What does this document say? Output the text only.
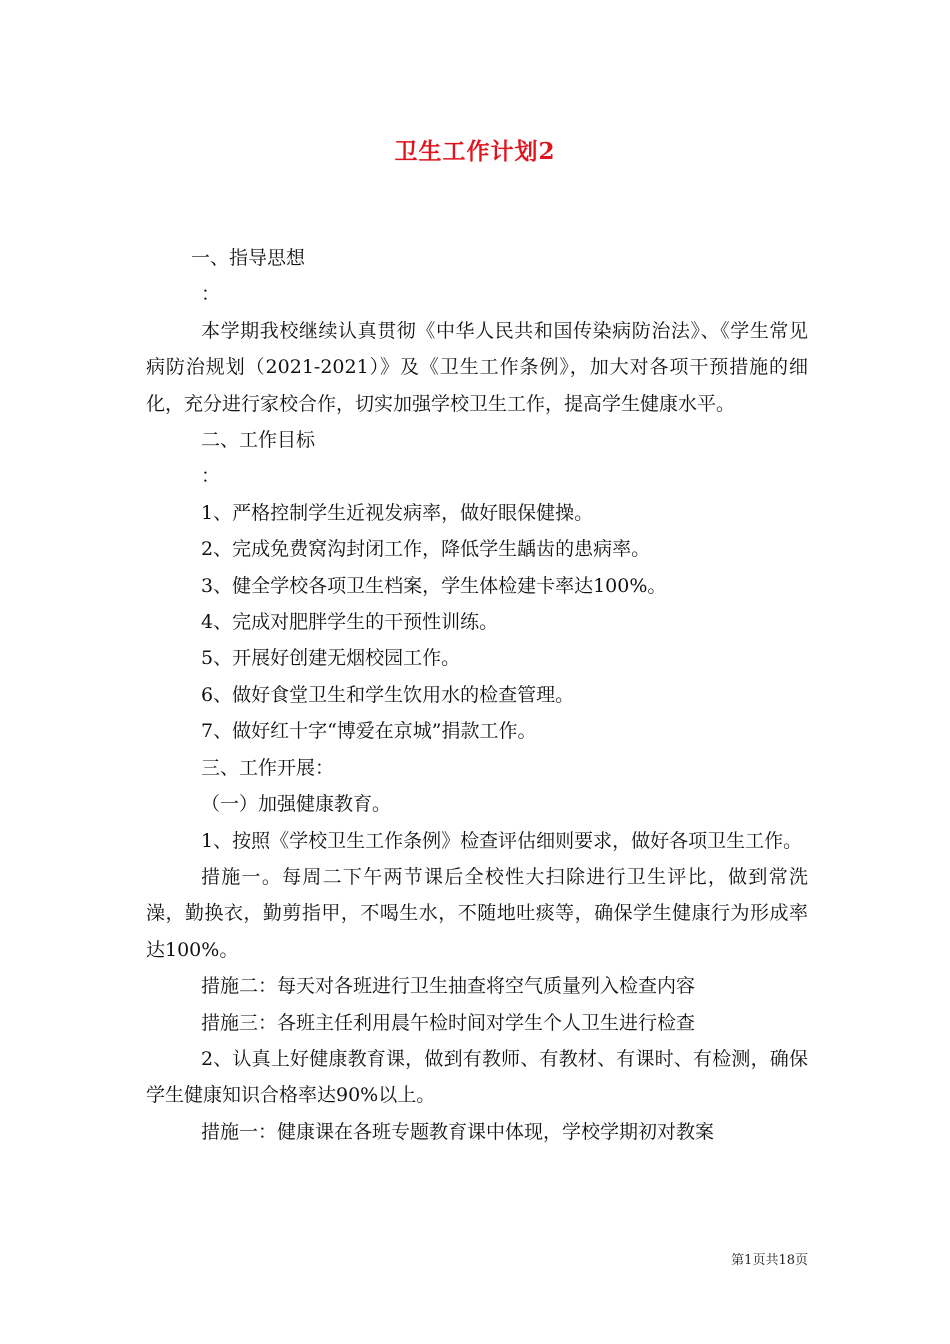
卫生工作计划2

一、指导思想

：

本学期我校继续认真贯彻《中华人民共和国传染病防治法》、《学生常见病防治规划（2021-2021）》及《卫生工作条例》，加大对各项干预措施的细化，充分进行家校合作，切实加强学校卫生工作，提高学生健康水平。

二、工作目标

：

1、严格控制学生近视发病率，做好眼保健操。

2、完成免费窝沟封闭工作，降低学生龋齿的患病率。

3、健全学校各项卫生档案，学生体检建卡率达100%。

4、完成对肥胖学生的干预性训练。

5、开展好创建无烟校园工作。

6、做好食堂卫生和学生饮用水的检查管理。

7、做好红十字“博爱在京城”捐款工作。

三、工作开展：

（一）加强健康教育。

1、按照《学校卫生工作条例》检查评估细则要求，做好各项卫生工作。

措施一。每周二下午两节课后全校性大扫除进行卫生评比，做到常洗澡，勤换衣，勤剪指甲，不喝生水，不随地吐痰等，确保学生健康行为形成率达100%。

措施二：每天对各班进行卫生抽查将空气质量列入检查内容

措施三：各班主任利用晨午检时间对学生个人卫生进行检查

2、认真上好健康教育课，做到有教师、有教材、有课时、有检测，确保学生健康知识合格率达90%以上。

措施一：健康课在各班专题教育课中体现，学校学期初对教案

第1页共18页
